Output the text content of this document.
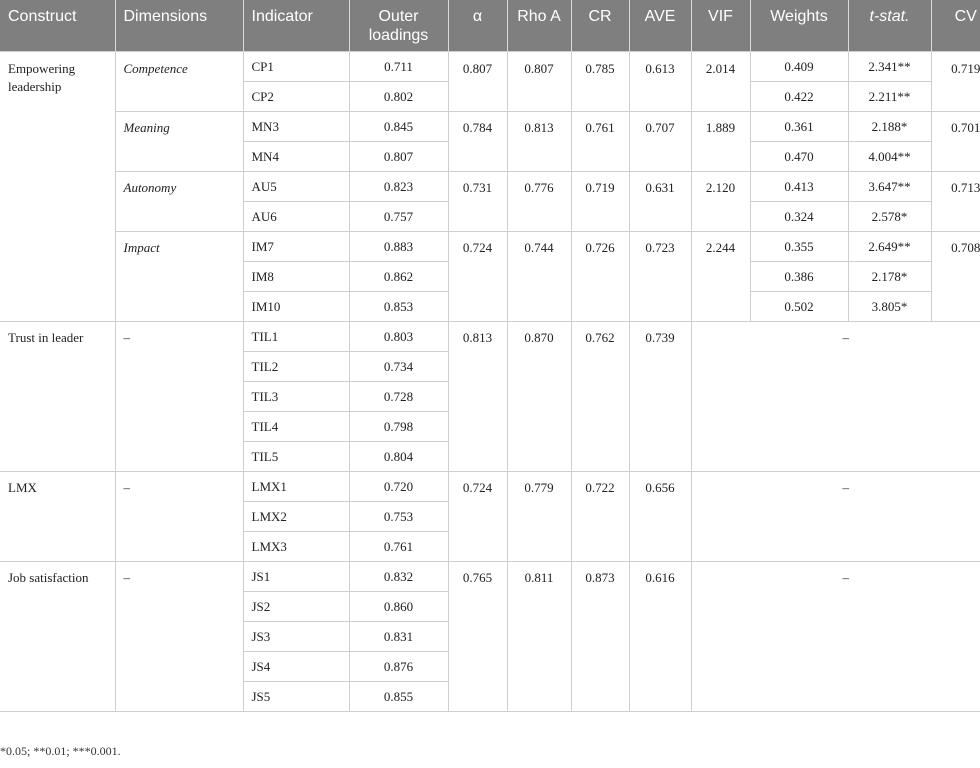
Construct	Dimensions	Indicator	Outer loadings	α	Rho A	CR	AVE	VIF	Weights	t-stat.	CV
Empowering leadership	Competence	CP1	0.711	0.807	0.807	0.785	0.613	2.014	0.409	2.341**	0.719
		CP2	0.802						0.422	2.211**	
	Meaning	MN3	0.845	0.784	0.813	0.761	0.707	1.889	0.361	2.188*	0.701
		MN4	0.807						0.470	4.004**	
	Autonomy	AU5	0.823	0.731	0.776	0.719	0.631	2.120	0.413	3.647**	0.713
		AU6	0.757						0.324	2.578*	
	Impact	IM7	0.883	0.724	0.744	0.726	0.723	2.244	0.355	2.649**	0.708
		IM8	0.862						0.386	2.178*	
		IM10	0.853						0.502	3.805*	
Trust in leader	–	TIL1	0.803	0.813	0.870	0.762	0.739	–			
		TIL2	0.734								
		TIL3	0.728								
		TIL4	0.798								
		TIL5	0.804								
LMX	–	LMX1	0.720	0.724	0.779	0.722	0.656	–			
		LMX2	0.753								
		LMX3	0.761								
Job satisfaction	–	JS1	0.832	0.765	0.811	0.873	0.616	–			
		JS2	0.860								
		JS3	0.831								
		JS4	0.876								
		JS5	0.855								
*0.05; **0.01; ***0.001.
